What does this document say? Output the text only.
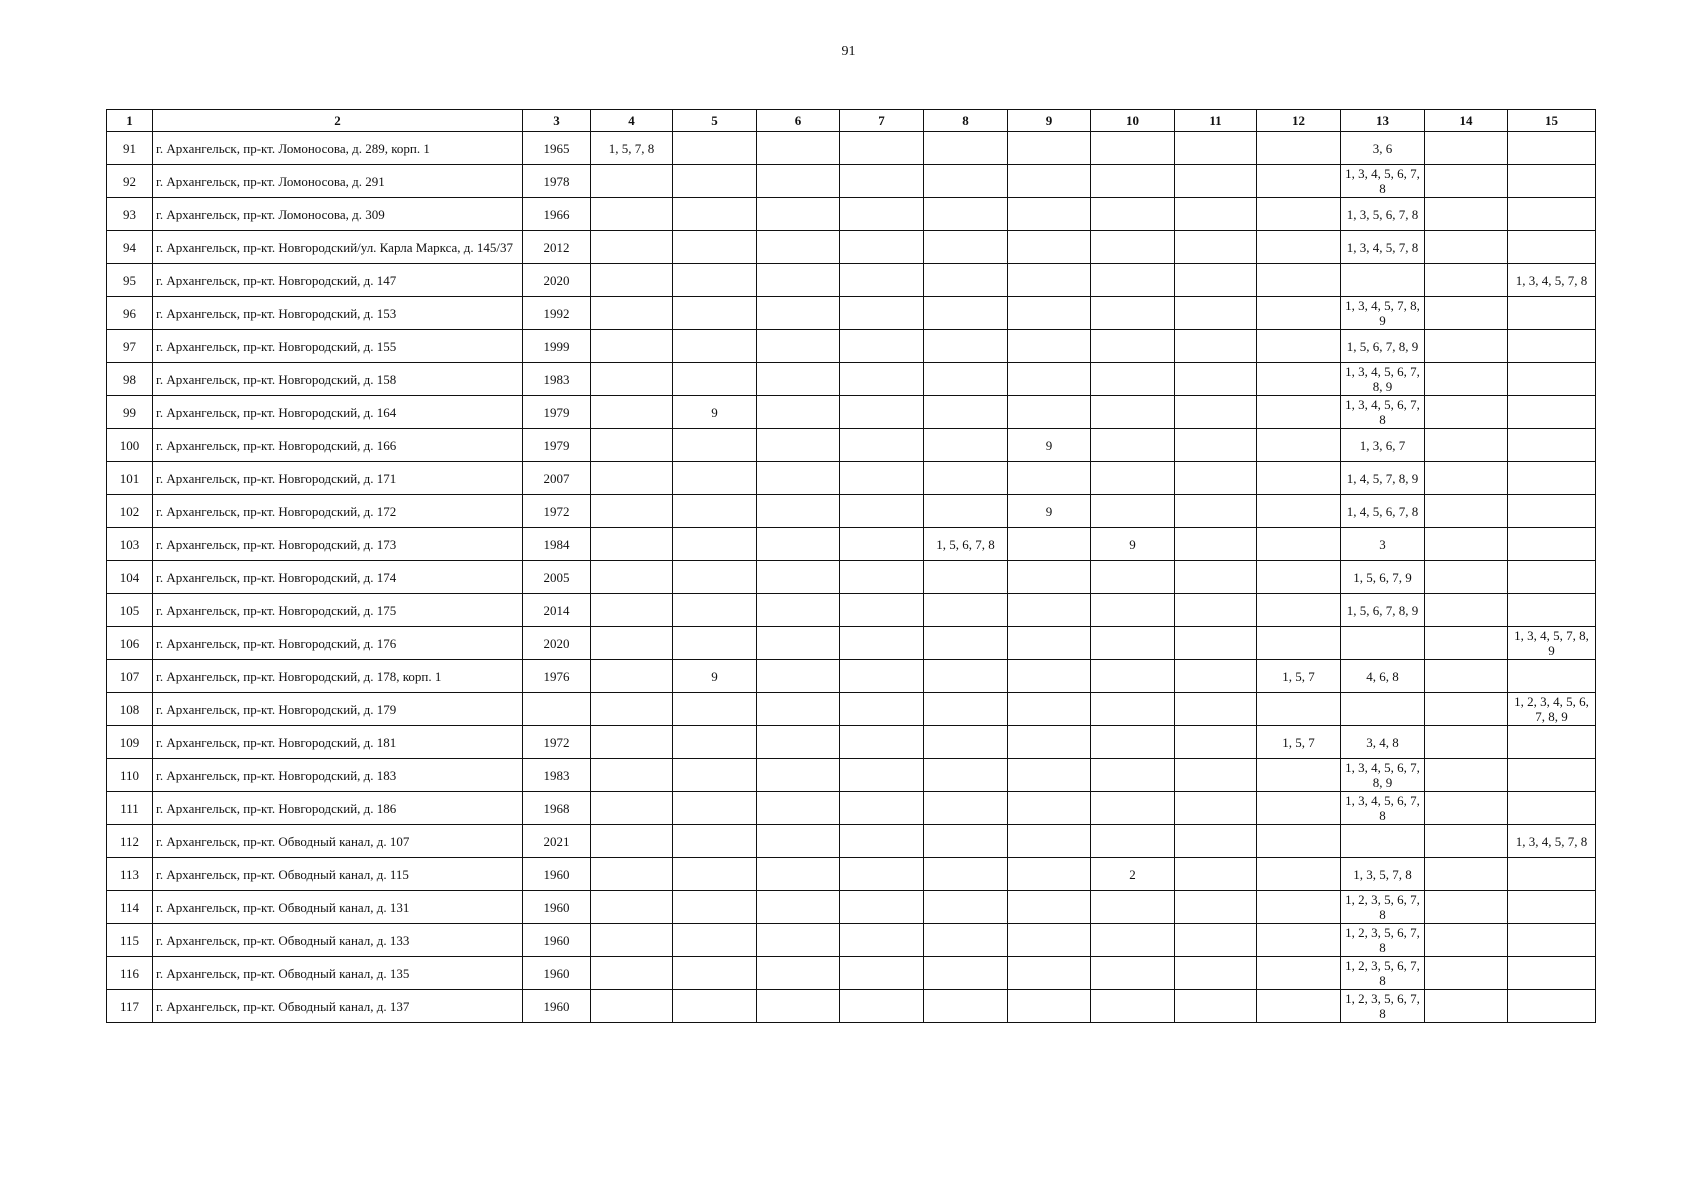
91
1	2	3	4	5	6	7	8	9	10	11	12	13	14	15
91	г. Архангельск, пр-кт. Ломоносова, д. 289, корп. 1	1965	1, 5, 7, 8									3, 6		
92	г. Архангельск, пр-кт. Ломоносова, д. 291	1978										1, 3, 4, 5, 6, 7, 8		
93	г. Архангельск, пр-кт. Ломоносова, д. 309	1966										1, 3, 5, 6, 7, 8		
94	г. Архангельск, пр-кт. Новгородский/ул. Карла Маркса, д. 145/37	2012										1, 3, 4, 5, 7, 8		
95	г. Архангельск, пр-кт. Новгородский, д. 147	2020												1, 3, 4, 5, 7, 8
96	г. Архангельск, пр-кт. Новгородский, д. 153	1992										1, 3, 4, 5, 7, 8, 9		
97	г. Архангельск, пр-кт. Новгородский, д. 155	1999										1, 5, 6, 7, 8, 9		
98	г. Архангельск, пр-кт. Новгородский, д. 158	1983										1, 3, 4, 5, 6, 7, 8, 9		
99	г. Архангельск, пр-кт. Новгородский, д. 164	1979		9								1, 3, 4, 5, 6, 7, 8		
100	г. Архангельск, пр-кт. Новгородский, д. 166	1979						9				1, 3, 6, 7		
101	г. Архангельск, пр-кт. Новгородский, д. 171	2007										1, 4, 5, 7, 8, 9		
102	г. Архангельск, пр-кт. Новгородский, д. 172	1972						9				1, 4, 5, 6, 7, 8		
103	г. Архангельск, пр-кт. Новгородский, д. 173	1984					1, 5, 6, 7, 8		9			3		
104	г. Архангельск, пр-кт. Новгородский, д. 174	2005										1, 5, 6, 7, 9		
105	г. Архангельск, пр-кт. Новгородский, д. 175	2014										1, 5, 6, 7, 8, 9		
106	г. Архангельск, пр-кт. Новгородский, д. 176	2020												1, 3, 4, 5, 7, 8, 9
107	г. Архангельск, пр-кт. Новгородский, д. 178, корп. 1	1976		9							1, 5, 7	4, 6, 8		
108	г. Архангельск, пр-кт. Новгородский, д. 179													1, 2, 3, 4, 5, 6, 7, 8, 9
109	г. Архангельск, пр-кт. Новгородский, д. 181	1972									1, 5, 7	3, 4, 8		
110	г. Архангельск, пр-кт. Новгородский, д. 183	1983										1, 3, 4, 5, 6, 7, 8, 9		
111	г. Архангельск, пр-кт. Новгородский, д. 186	1968										1, 3, 4, 5, 6, 7, 8		
112	г. Архангельск, пр-кт. Обводный канал, д. 107	2021												1, 3, 4, 5, 7, 8
113	г. Архангельск, пр-кт. Обводный канал, д. 115	1960							2			1, 3, 5, 7, 8		
114	г. Архангельск, пр-кт. Обводный канал, д. 131	1960										1, 2, 3, 5, 6, 7, 8		
115	г. Архангельск, пр-кт. Обводный канал, д. 133	1960										1, 2, 3, 5, 6, 7, 8		
116	г. Архангельск, пр-кт. Обводный канал, д. 135	1960										1, 2, 3, 5, 6, 7, 8		
117	г. Архангельск, пр-кт. Обводный канал, д. 137	1960										1, 2, 3, 5, 6, 7, 8		
